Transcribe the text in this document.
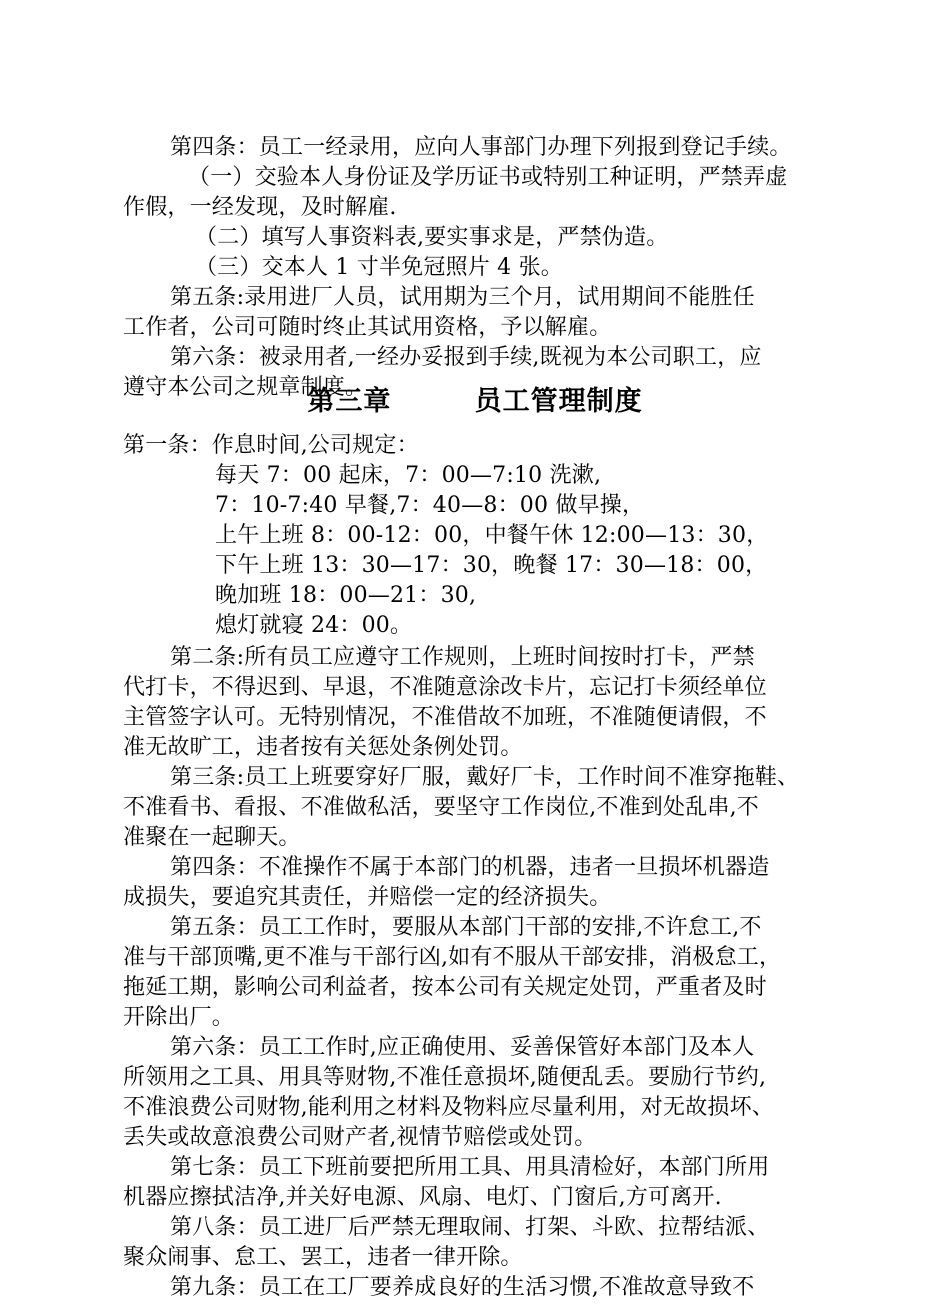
第四条：员工一经录用，应向人事部门办理下列报到登记手续。
（一）交验本人身份证及学历证书或特别工种证明，严禁弄虚
作假，一经发现，及时解雇.
（二）填写人事资料表,要实事求是，严禁伪造。
（三）交本人 1 寸半免冠照片 4 张。
第五条:录用进厂人员，试用期为三个月，试用期间不能胜任
工作者，公司可随时终止其试用资格，予以解雇。
第六条：被录用者,一经办妥报到手续,既视为本公司职工，应
遵守本公司之规章制度。
第三章        员工管理制度
第一条：作息时间,公司规定：
每天 7：00 起床，7：00—7:10 洗漱,
7：10-7:40 早餐,7：40—8：00 做早操，
上午上班 8：00-12：00，中餐午休 12:00—13：30，
下午上班 13：30—17：30，晚餐 17：30—18：00，
晚加班 18：00—21：30,
熄灯就寝 24：00。
第二条:所有员工应遵守工作规则，上班时间按时打卡，严禁
代打卡，不得迟到、早退，不准随意涂改卡片，忘记打卡须经单位
主管签字认可。无特别情况，不准借故不加班，不准随便请假，不
准无故旷工，违者按有关惩处条例处罚。
第三条:员工上班要穿好厂服，戴好厂卡，工作时间不准穿拖鞋、
不准看书、看报、不准做私活，要坚守工作岗位,不准到处乱串,不
准聚在一起聊天。
第四条：不准操作不属于本部门的机器，违者一旦损坏机器造
成损失，要追究其责任，并赔偿一定的经济损失。
第五条：员工工作时，要服从本部门干部的安排,不许怠工,不
准与干部顶嘴,更不准与干部行凶,如有不服从干部安排，消极怠工，
拖延工期，影响公司利益者，按本公司有关规定处罚，严重者及时
开除出厂。
第六条：员工工作时,应正确使用、妥善保管好本部门及本人
所领用之工具、用具等财物,不准任意损坏,随便乱丢。要励行节约,
不准浪费公司财物,能利用之材料及物料应尽量利用，对无故损坏、
丢失或故意浪费公司财产者,视情节赔偿或处罚。
第七条：员工下班前要把所用工具、用具清检好，本部门所用
机器应擦拭洁净,并关好电源、风扇、电灯、门窗后,方可离开.
第八条：员工进厂后严禁无理取闹、打架、斗欧、拉帮结派、
聚众闹事、怠工、罢工，违者一律开除。
第九条：员工在工厂要养成良好的生活习惯,不准故意导致不
